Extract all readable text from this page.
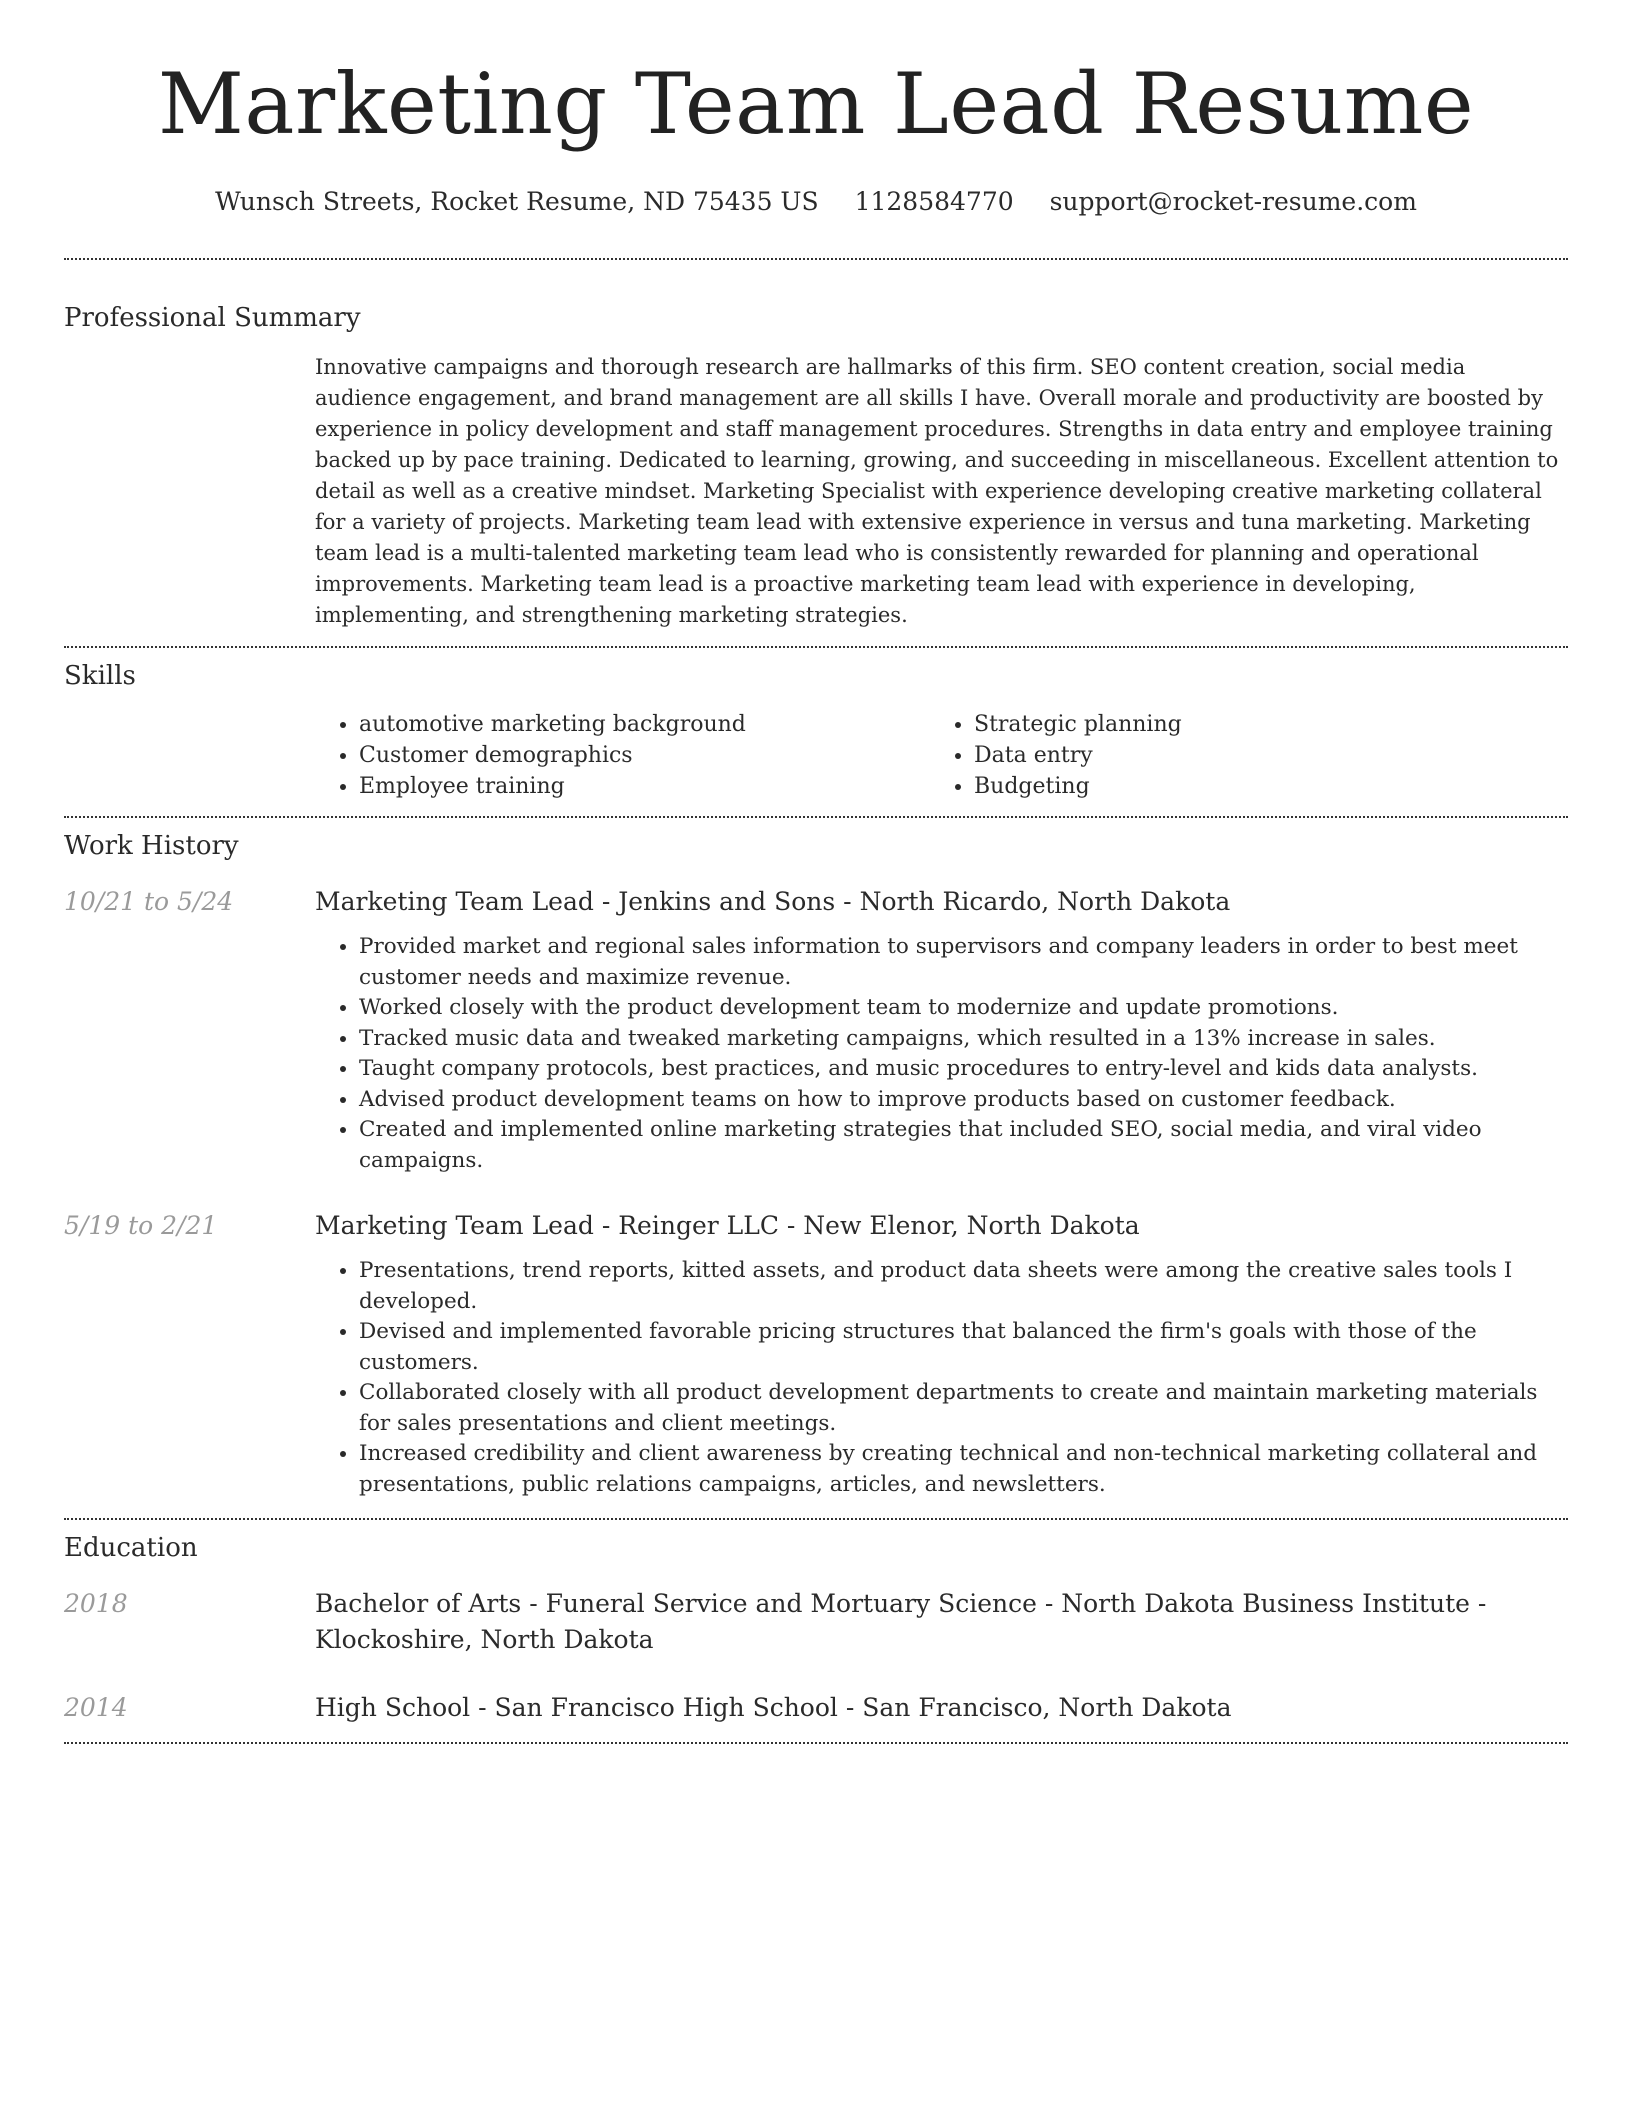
Marketing Team Lead Resume
Wunsch Streets, Rocket Resume, ND 75435 US 1128584770 support@rocket-resume.com
Professional Summary

Innovative campaigns and thorough research are hallmarks of this firm. SEO content creation, social media audience engagement, and brand management are all skills I have. Overall morale and productivity are boosted by experience in policy development and staff management procedures. Strengths in data entry and employee training backed up by pace training. Dedicated to learning, growing, and succeeding in miscellaneous. Excellent attention to detail as well as a creative mindset. Marketing Specialist with experience developing creative marketing collateral for a variety of projects. Marketing team lead with extensive experience in versus and tuna marketing. Marketing team lead is a multi-talented marketing team lead who is consistently rewarded for planning and operational improvements. Marketing team lead is a proactive marketing team lead with experience in developing, implementing, and strengthening marketing strategies.

Skills
• automotive marketing background
• Customer demographics
• Employee training
• Strategic planning
• Data entry
• Budgeting
Work History
10/21 to 5/24	Marketing Team Lead - Jenkins and Sons - North Ricardo, North Dakota
• Provided market and regional sales information to supervisors and company leaders in order to best meet customer needs and maximize revenue.
• Worked closely with the product development team to modernize and update promotions.
• Tracked music data and tweaked marketing campaigns, which resulted in a 13% increase in sales.
• Taught company protocols, best practices, and music procedures to entry-level and kids data analysts.
• Advised product development teams on how to improve products based on customer feedback.
• Created and implemented online marketing strategies that included SEO, social media, and viral video campaigns.
5/19 to 2/21	Marketing Team Lead - Reinger LLC - New Elenor, North Dakota
• Presentations, trend reports, kitted assets, and product data sheets were among the creative sales tools I developed.
• Devised and implemented favorable pricing structures that balanced the firm's goals with those of the customers.
• Collaborated closely with all product development departments to create and maintain marketing materials for sales presentations and client meetings.
• Increased credibility and client awareness by creating technical and non-technical marketing collateral and presentations, public relations campaigns, articles, and newsletters.
Education
2018	Bachelor of Arts - Funeral Service and Mortuary Science - North Dakota Business Institute - Klockoshire, North Dakota
2014	High School - San Francisco High School - San Francisco, North Dakota
